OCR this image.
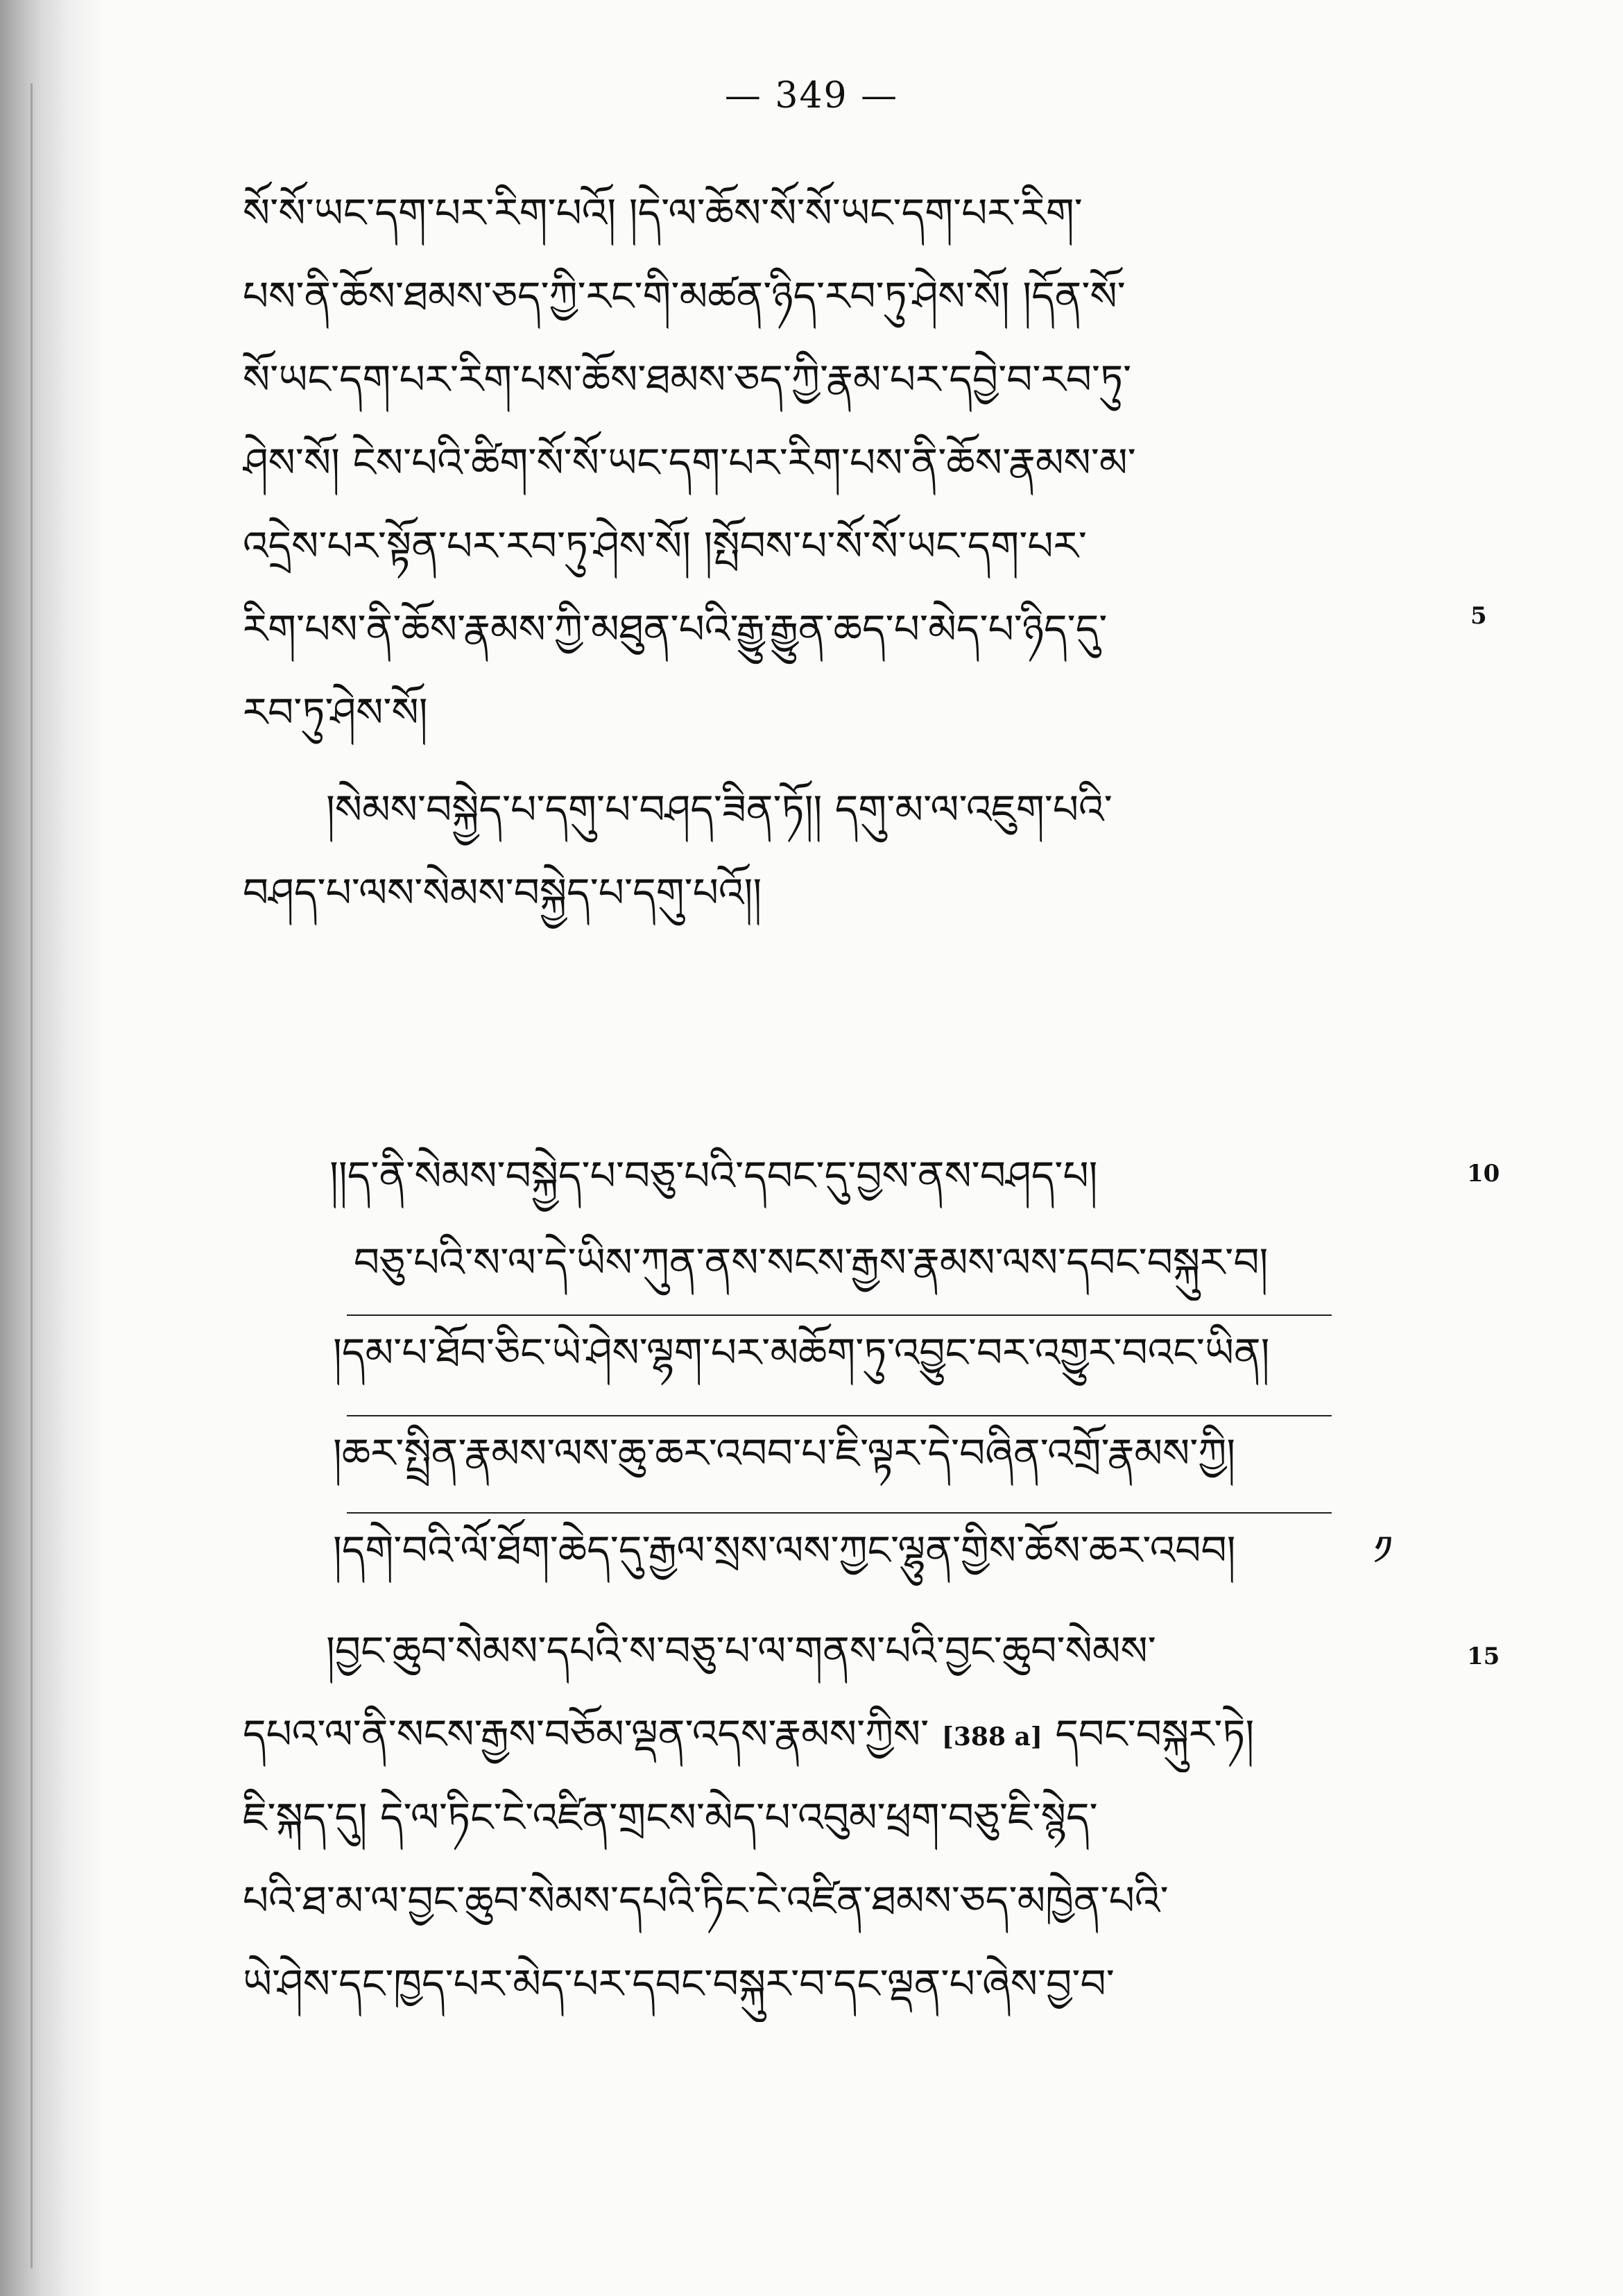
— 349 —
སོ་སོ་ཡང་དག་པར་རིག་པའོ། །དེ་ལ་ཆོས་སོ་སོ་ཡང་དག་པར་རིག་
པས་ནི་ཆོས་ཐམས་ཅད་ཀྱི་རང་གི་མཚན་ཉིད་རབ་ཏུ་ཤེས་སོ། །དོན་སོ་
སོ་ཡང་དག་པར་རིག་པས་ཆོས་ཐམས་ཅད་ཀྱི་རྣམ་པར་དབྱེ་བ་རབ་ཏུ་
ཤེས་སོ། ངེས་པའི་ཚིག་སོ་སོ་ཡང་དག་པར་རིག་པས་ནི་ཆོས་རྣམས་མ་
འདྲེས་པར་སྟོན་པར་རབ་ཏུ་ཤེས་སོ། །སྤོབས་པ་སོ་སོ་ཡང་དག་པར་
5
རིག་པས་ནི་ཆོས་རྣམས་ཀྱི་མཐུན་པའི་རྒྱུ་རྒྱུན་ཆད་པ་མེད་པ་ཉིད་དུ་
རབ་ཏུ་ཤེས་སོ།
།སེམས་བསྐྱེད་པ་དགུ་པ་བཤད་ཟིན་ཏོ།། དགུ་མ་ལ་འཇུག་པའི་
བཤད་པ་ལས་སེམས་བསྐྱེད་པ་དགུ་པའོ།།
།།ད་ནི་སེམས་བསྐྱེད་པ་བཅུ་པའི་དབང་དུ་བྱས་ནས་བཤད་པ།	10
བཅུ་པའི་ས་ལ་དེ་ཡིས་ཀུན་ནས་སངས་རྒྱས་རྣམས་ལས་དབང་བསྐུར་བ།
།དམ་པ་ཐོབ་ཅིང་ཡེ་ཤེས་ལྷག་པར་མཆོག་ཏུ་འབྱུང་བར་འགྱུར་བའང་ཡིན།
།ཆར་སྤྲིན་རྣམས་ལས་ཆུ་ཆར་འབབ་པ་ཇི་ལྟར་དེ་བཞིན་འགྲོ་རྣམས་ཀྱི།
།དགེ་བའི་ལོ་ཐོག་ཆེད་དུ་རྒྱལ་སྲས་ལས་ཀྱང་ལྷུན་གྱིས་ཆོས་ཆར་འབབ།	༡
།བྱང་ཆུབ་སེམས་དཔའི་ས་བཅུ་པ་ལ་གནས་པའི་བྱང་ཆུབ་སེམས་	15
དཔའ་ལ་ནི་སངས་རྒྱས་བཅོམ་ལྡན་འདས་རྣམས་ཀྱིས་ [388 a] དབང་བསྐུར་ཏེ།
ཇི་སྐད་དུ། དེ་ལ་ཏིང་ངེ་འཛིན་གྲངས་མེད་པ་འབུམ་ཕྲག་བཅུ་ཇི་སྙེད་
པའི་ཐ་མ་ལ་བྱང་ཆུབ་སེམས་དཔའི་ཏིང་ངེ་འཛིན་ཐམས་ཅད་མཁྱེན་པའི་
ཡེ་ཤེས་དང་ཁྱད་པར་མེད་པར་དབང་བསྐུར་བ་དང་ལྡན་པ་ཞེས་བྱ་བ་
